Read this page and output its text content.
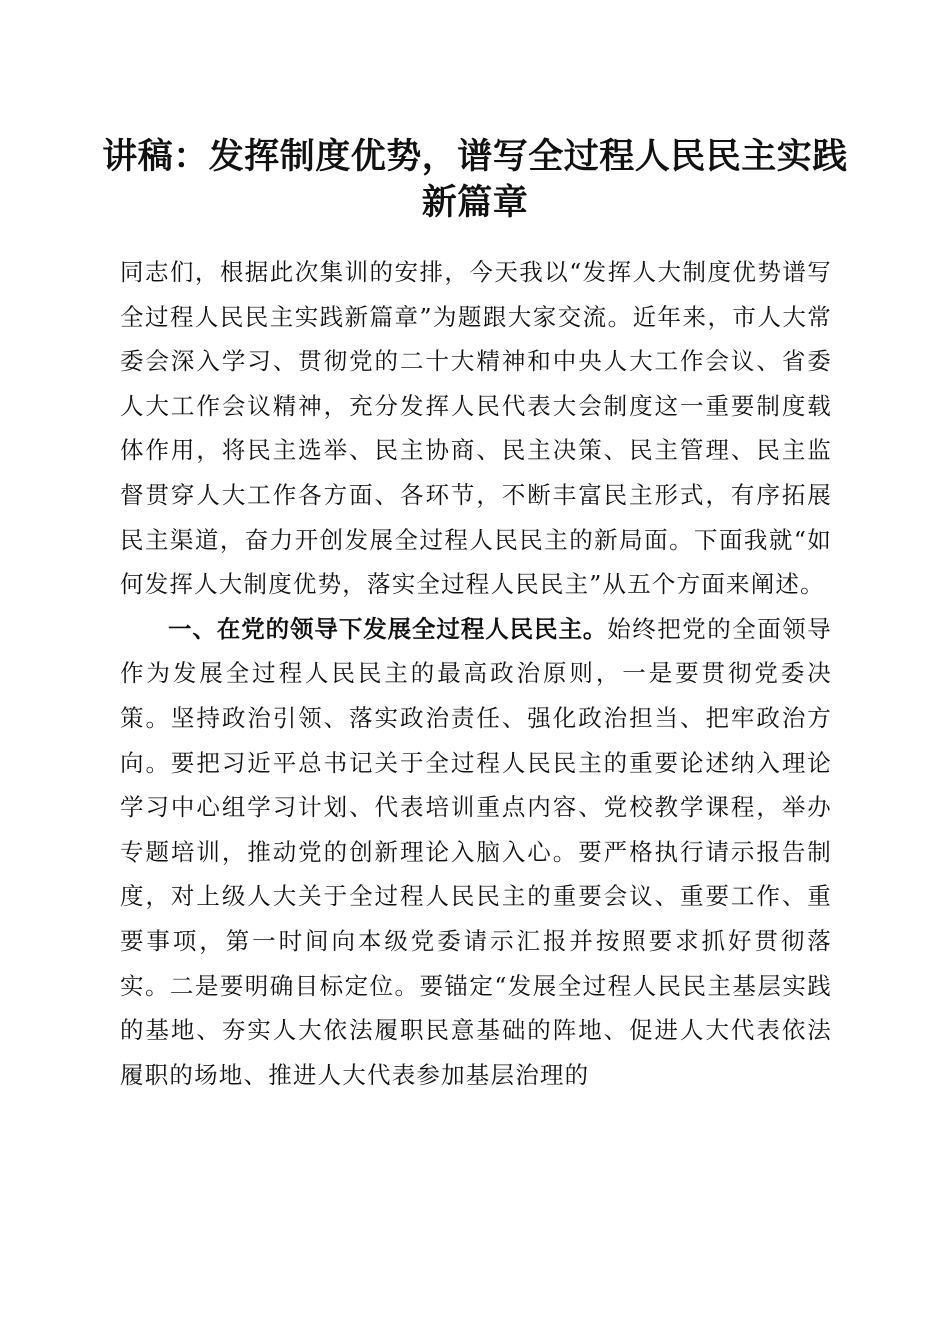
讲稿：发挥制度优势，谱写全过程人民民主实践新篇章

同志们，根据此次集训的安排，今天我以“发挥人大制度优势谱写全过程人民民主实践新篇章”为题跟大家交流。近年来，市人大常委会深入学习、贯彻党的二十大精神和中央人大工作会议、省委人大工作会议精神，充分发挥人民代表大会制度这一重要制度载体作用，将民主选举、民主协商、民主决策、民主管理、民主监督贯穿人大工作各方面、各环节，不断丰富民主形式，有序拓展民主渠道，奋力开创发展全过程人民民主的新局面。下面我就“如何发挥人大制度优势，落实全过程人民民主”从五个方面来阐述。

一、在党的领导下发展全过程人民民主。始终把党的全面领导作为发展全过程人民民主的最高政治原则，一是要贯彻党委决策。坚持政治引领、落实政治责任、强化政治担当、把牢政治方向。要把习近平总书记关于全过程人民民主的重要论述纳入理论学习中心组学习计划、代表培训重点内容、党校教学课程，举办专题培训，推动党的创新理论入脑入心。要严格执行请示报告制度，对上级人大关于全过程人民民主的重要会议、重要工作、重要事项，第一时间向本级党委请示汇报并按照要求抓好贯彻落实。二是要明确目标定位。要锚定“发展全过程人民民主基层实践的基地、夯实人大依法履职民意基础的阵地、促进人大代表依法履职的场地、推进人大代表参加基层治理的
